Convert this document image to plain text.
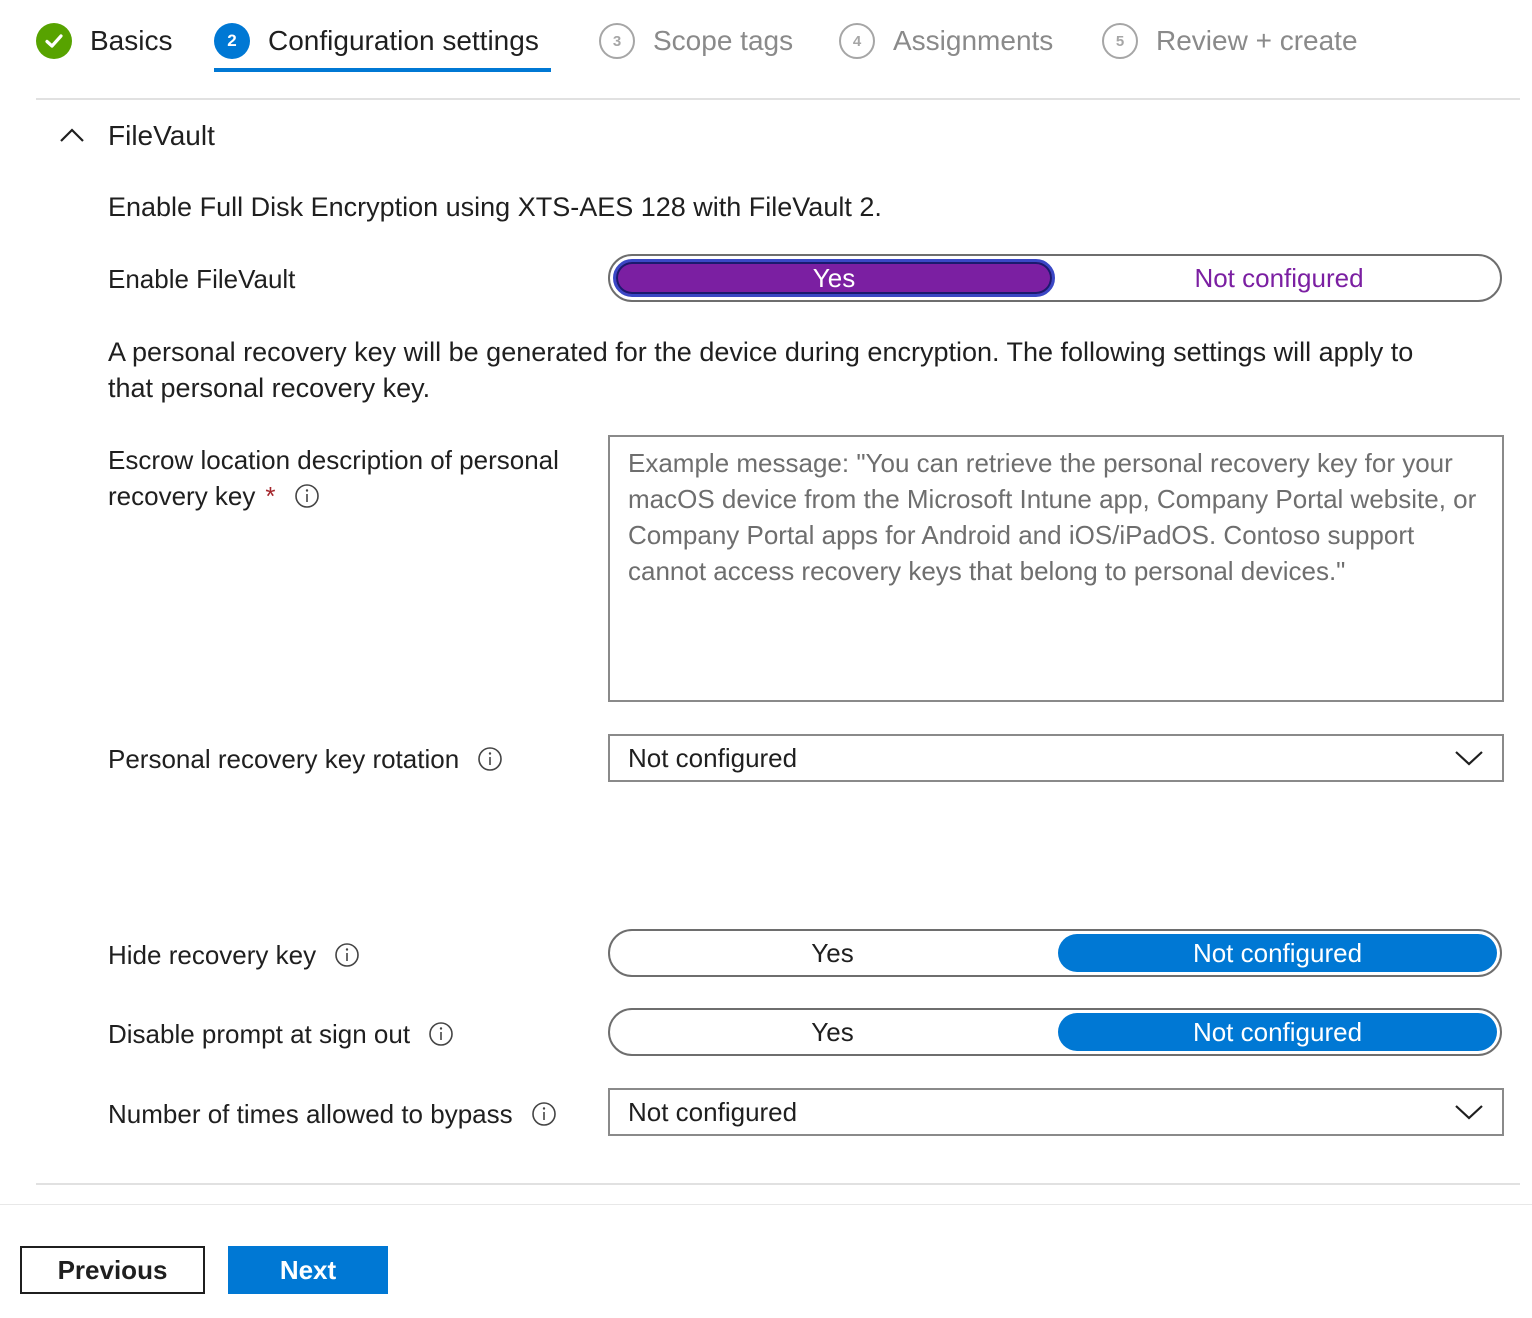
Basics	2	Configuration settings	3	Scope tags	4	Assignments	5	Review + create
FileVault
Enable Full Disk Encryption using XTS-AES 128 with FileVault 2.
Enable FileVault	Yes	Not configured
A personal recovery key will be generated for the device during encryption. The following settings will apply to
that personal recovery key.
Escrow location description of personal
recovery key *
Example message: "You can retrieve the personal recovery key for your
macOS device from the Microsoft Intune app, Company Portal website, or
Company Portal apps for Android and iOS/iPadOS. Contoso support
cannot access recovery keys that belong to personal devices."
Personal recovery key rotation	Not configured
Hide recovery key	Yes	Not configured
Disable prompt at sign out	Yes	Not configured
Number of times allowed to bypass	Not configured
Previous	Next
